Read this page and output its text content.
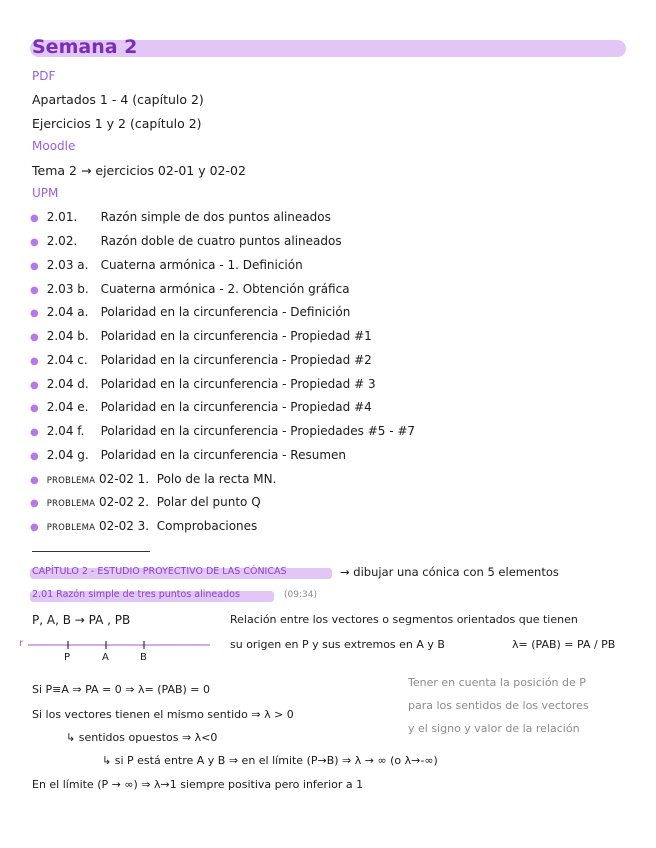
Semana 2
PDF
Apartados 1 - 4 (capítulo 2)
Ejercicios 1 y 2 (capítulo 2)
Moodle
Tema 2 → ejercicios 02-01 y 02-02
UPM
● 2.01. Razón simple de dos puntos alineados
● 2.02. Razón doble de cuatro puntos alineados
● 2.03 a. Cuaterna armónica - 1. Definición
● 2.03 b. Cuaterna armónica - 2. Obtención gráfica
● 2.04 a. Polaridad en la circunferencia - Definición
● 2.04 b. Polaridad en la circunferencia - Propiedad #1
● 2.04 c. Polaridad en la circunferencia - Propiedad #2
● 2.04 d. Polaridad en la circunferencia - Propiedad # 3
● 2.04 e. Polaridad en la circunferencia - Propiedad #4
● 2.04 f. Polaridad en la circunferencia - Propiedades #5 - #7
● 2.04 g. Polaridad en la circunferencia - Resumen
● PROBLEMA 02-02 1. Polo de la recta MN.
● PROBLEMA 02-02 2. Polar del punto Q
● PROBLEMA 02-02 3. Comprobaciones
CAPÍTULO 2 - ESTUDIO PROYECTIVO DE LAS CÓNICAS	→ dibujar una cónica con 5 elementos
2.01 Razón simple de tres puntos alineados	(09:34)
P, A, B → PA , PB	Relación entre los vectores o segmentos orientados que tienen
su origen en P y sus extremos en A y B	λ= (PAB) = PA / PB
r
P	A	B
Tener en cuenta la posición de P
para los sentidos de los vectores
y el signo y valor de la relación
Si P≡A ⇒ PA = 0 ⇒ λ= (PAB) = 0
Si los vectores tienen el mismo sentido ⇒ λ > 0
↳ sentidos opuestos ⇒ λ<0
↳ si P está entre A y B ⇒ en el límite (P→B) ⇒ λ → ∞ (o λ→-∞)
En el límite (P → ∞) ⇒ λ→1 siempre positiva pero inferior a 1
